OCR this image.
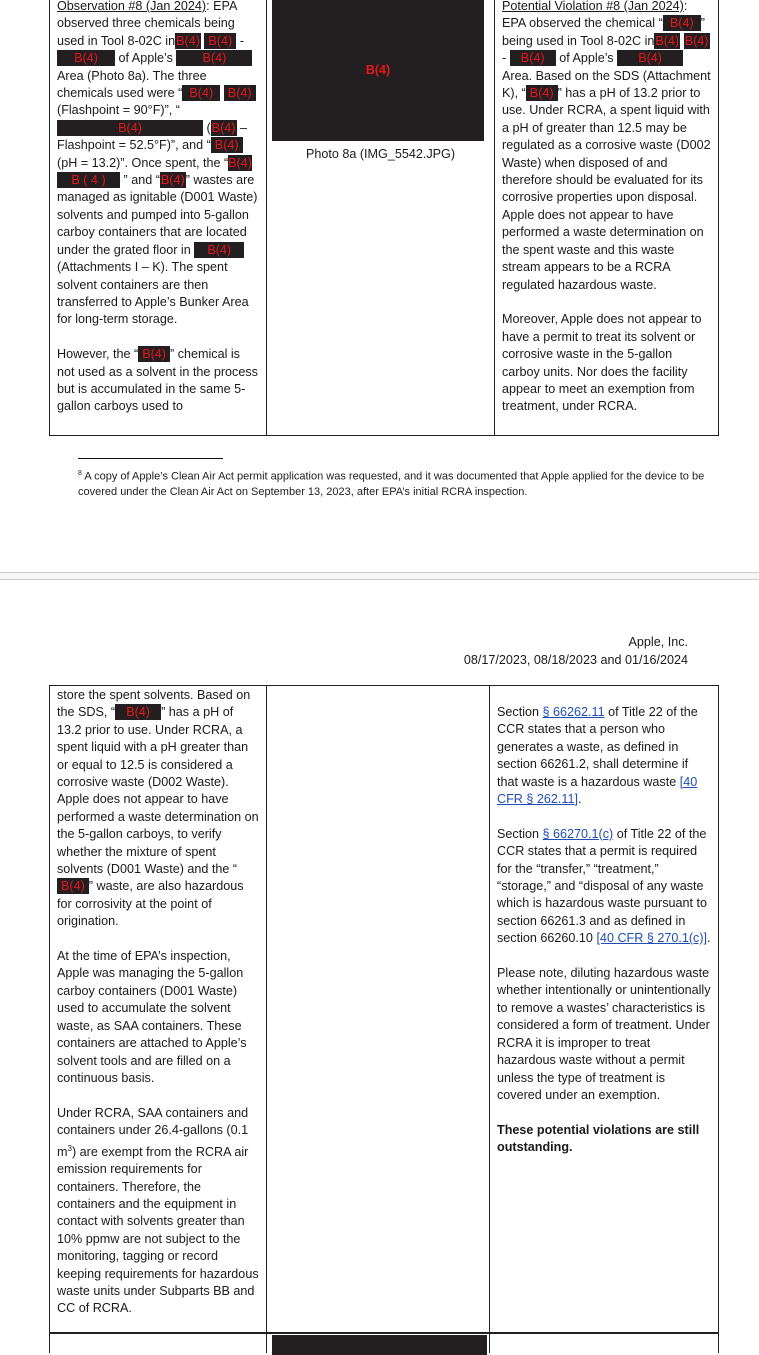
Observation #8 (Jan 2024): EPA observed three chemicals being used in Tool 8-02C inB(4) B(4) - B(4) of Apple’s B(4) Area (Photo 8a). The three chemicals used were “ B(4) B(4) (Flashpoint = 90°F)”, “B(4)	(B(4) – Flashpoint = 52.5°F)”, and “ B(4) (pH = 13.2)”. Once spent, the “B(4) B ( 4 ) ” and “B(4)” wastes are managed as ignitable (D001 Waste) solvents and pumped into 5-gallon carboy containers that are located under the grated floor in B(4) (Attachments I – K). The spent solvent containers are then transferred to Apple’s Bunker Area for long-term storage.

However, the “ B(4) ” chemical is not used as a solvent in the process but is accumulated in the same 5-gallon carboys used to

B(4)
Photo 8a (IMG_5542.JPG)

Potential Violation #8 (Jan 2024): EPA observed the chemical “ B(4) ” being used in Tool 8-02C inB(4) B(4) - B(4) of Apple’s B(4) Area. Based on the SDS (Attachment K), “ B(4) ” has a pH of 13.2 prior to use. Under RCRA, a spent liquid with a pH of greater than 12.5 may be regulated as a corrosive waste (D002 Waste) when disposed of and therefore should be evaluated for its corrosive properties upon disposal. Apple does not appear to have performed a waste determination on the spent waste and this waste stream appears to be a RCRA regulated hazardous waste.

Moreover, Apple does not appear to have a permit to treat its solvent or corrosive waste in the 5-gallon carboy units. Nor does the facility appear to meet an exemption from treatment, under RCRA.

$^8$ A copy of Apple’s Clean Air Act permit application was requested, and it was documented that Apple applied for the device to be covered under the Clean Air Act on September 13, 2023, after EPA’s initial RCRA inspection.
Apple, Inc.
08/17/2023, 08/18/2023 and 01/16/2024

store the spent solvents. Based on the SDS, “ B(4) ” has a pH of 13.2 prior to use. Under RCRA, a spent liquid with a pH greater than or equal to 12.5 is considered a corrosive waste (D002 Waste). Apple does not appear to have performed a waste determination on the 5-gallon carboys, to verify whether the mixture of spent solvents (D001 Waste) and the “B(4) ” waste, are also hazardous for corrosivity at the point of origination.

At the time of EPA’s inspection, Apple was managing the 5-gallon carboy containers (D001 Waste) used to accumulate the solvent waste, as SAA containers. These containers are attached to Apple’s solvent tools and are filled on a continuous basis.

Under RCRA, SAA containers and containers under 26.4-gallons (0.1 $m^3$) are exempt from the RCRA air emission requirements for containers. Therefore, the containers and the equipment in contact with solvents greater than 10% ppmw are not subject to the monitoring, tagging or record keeping requirements for hazardous waste units under Subparts BB and CC of RCRA.

Section § 66262.11 of Title 22 of the CCR states that a person who generates a waste, as defined in section 66261.2, shall determine if that waste is a hazardous waste [40 CFR § 262.11].

Section § 66270.1(c) of Title 22 of the CCR states that a permit is required for the “transfer,” “treatment,” “storage,” and “disposal of any waste which is hazardous waste pursuant to section 66261.3 and as defined in section 66260.10 [40 CFR § 270.1(c)].

Please note, diluting hazardous waste whether intentionally or unintentionally to remove a wastes’ characteristics is considered a form of treatment. Under RCRA it is improper to treat hazardous waste without a permit unless the type of treatment is covered under an exemption.

These potential violations are still outstanding.
